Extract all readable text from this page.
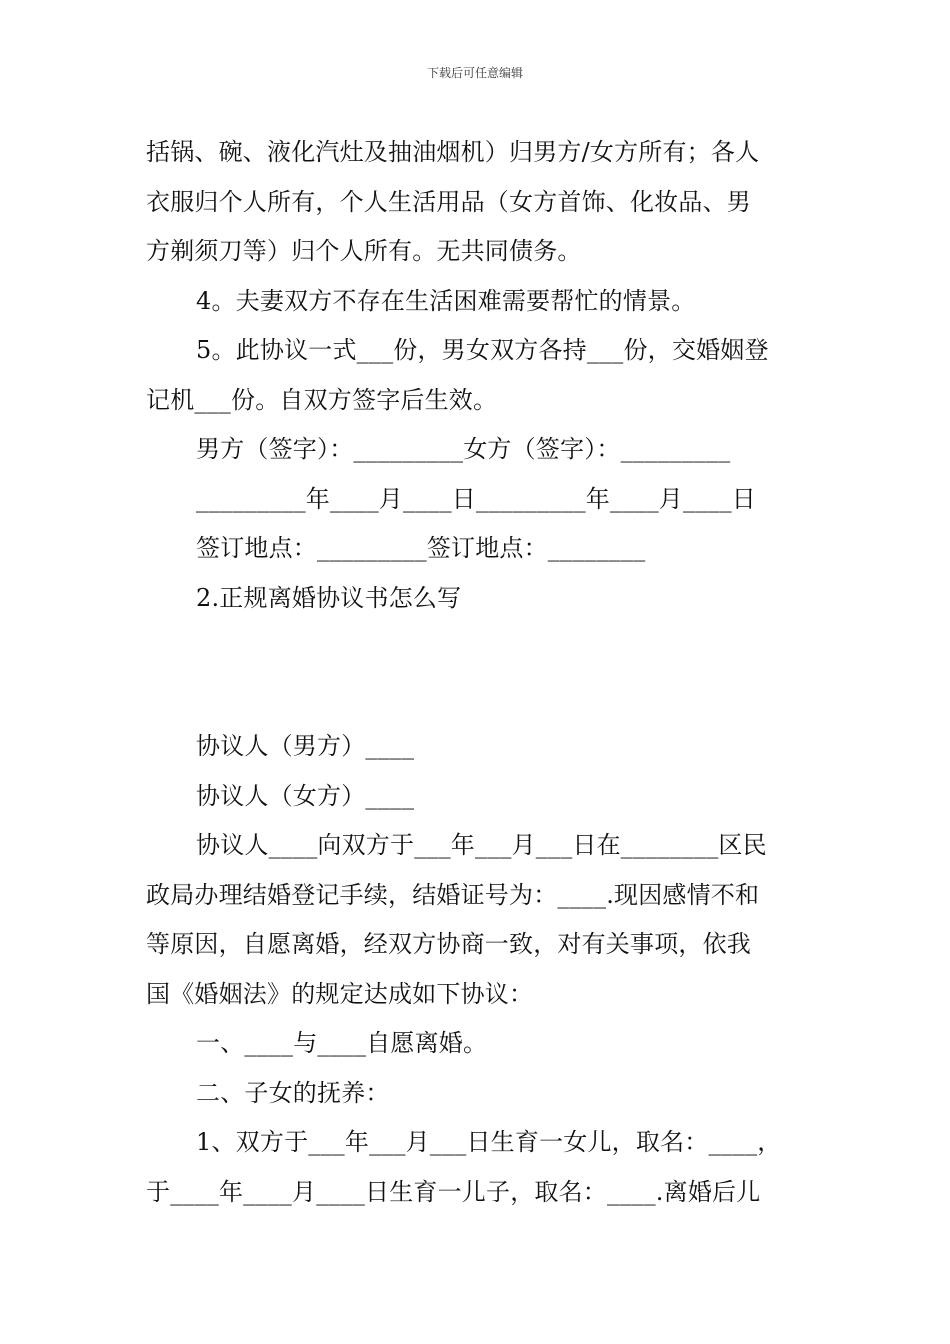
下载后可任意编辑
括锅、碗、液化汽灶及抽油烟机）归男方/女方所有；各人
衣服归个人所有，个人生活用品（女方首饰、化妆品、男
方剃须刀等）归个人所有。无共同债务。
4。夫妻双方不存在生活困难需要帮忙的情景。
5。此协议一式___份，男女双方各持___份，交婚姻登
记机___份。自双方签字后生效。
男方（签字）：_________女方（签字）：_________
_________年____月____日_________年____月____日
签订地点：_________签订地点：________
2.正规离婚协议书怎么写
协议人（男方）____
协议人（女方）____
协议人____向双方于___年___月___日在________区民
政局办理结婚登记手续，结婚证号为：____.现因感情不和
等原因，自愿离婚，经双方协商一致，对有关事项，依我
国《婚姻法》的规定达成如下协议：
一、____与____自愿离婚。
二、子女的抚养：
1、双方于___年___月___日生育一女儿，取名：____，
于____年____月____日生育一儿子，取名：____.离婚后儿
